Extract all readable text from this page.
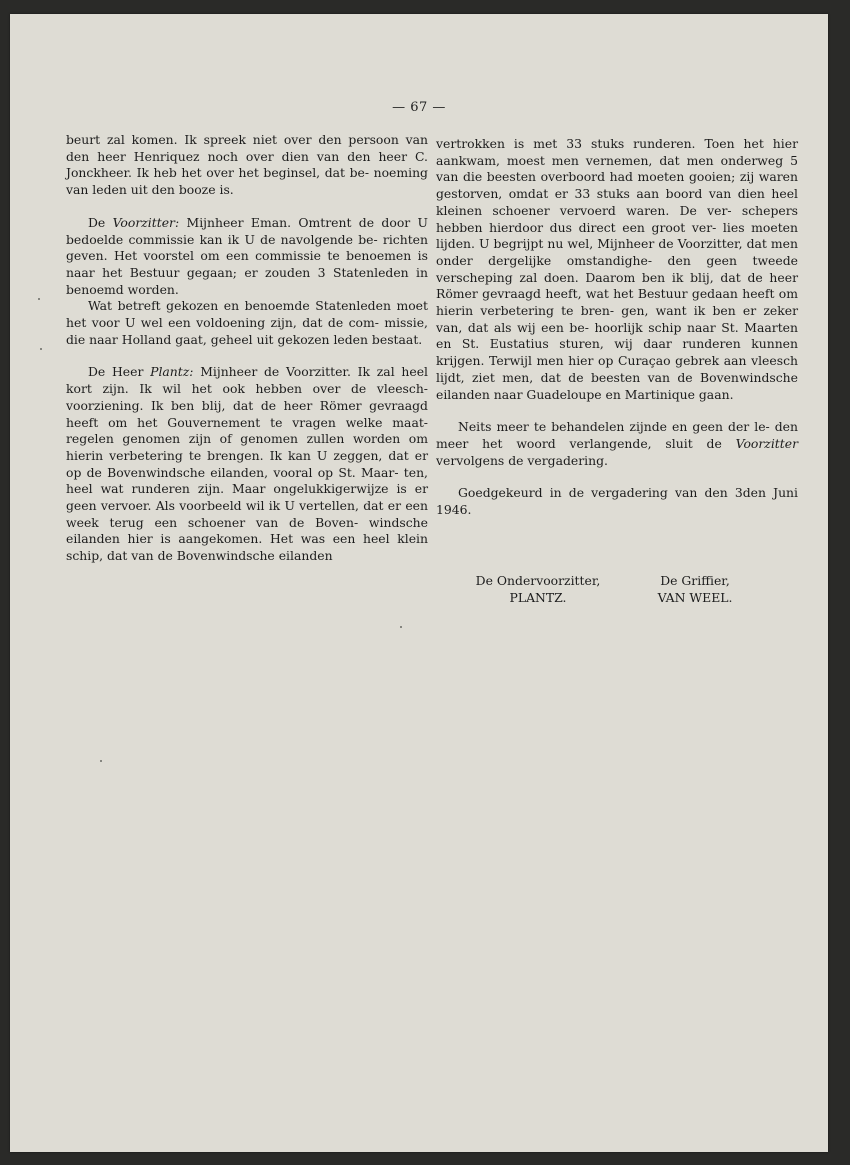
— 67 —

beurt zal komen. Ik spreek niet over den persoon van den heer Henriquez noch over dien van den heer C. Jonckheer. Ik heb het over het beginsel, dat be- noeming van leden uit den booze is.

De Voorzitter: Mijnheer Eman. Omtrent de door U bedoelde commissie kan ik U de navolgende be- richten geven. Het voorstel om een commissie te benoemen is naar het Bestuur gegaan; er zouden 3 Statenleden in benoemd worden.

Wat betreft gekozen en benoemde Statenleden moet het voor U wel een voldoening zijn, dat de com- missie, die naar Holland gaat, geheel uit gekozen leden bestaat.

De Heer Plantz: Mijnheer de Voorzitter. Ik zal heel kort zijn. Ik wil het ook hebben over de vleesch- voorziening. Ik ben blij, dat de heer Römer gevraagd heeft om het Gouvernement te vragen welke maat- regelen genomen zijn of genomen zullen worden om hierin verbetering te brengen. Ik kan U zeggen, dat er op de Bovenwindsche eilanden, vooral op St. Maar- ten, heel wat runderen zijn. Maar ongelukkigerwijze is er geen vervoer. Als voorbeeld wil ik U vertellen, dat er een week terug een schoener van de Boven- windsche eilanden hier is aangekomen. Het was een heel klein schip, dat van de Bovenwindsche eilanden

vertrokken is met 33 stuks runderen. Toen het hier aankwam, moest men vernemen, dat men onderweg 5 van die beesten overboord had moeten gooien; zij waren gestorven, omdat er 33 stuks aan boord van dien heel kleinen schoener vervoerd waren. De ver- schepers hebben hierdoor dus direct een groot ver- lies moeten lijden. U begrijpt nu wel, Mijnheer de Voorzitter, dat men onder dergelijke omstandighe- den geen tweede verscheping zal doen. Daarom ben ik blij, dat de heer Römer gevraagd heeft, wat het Bestuur gedaan heeft om hierin verbetering te bren- gen, want ik ben er zeker van, dat als wij een be- hoorlijk schip naar St. Maarten en St. Eustatius sturen, wij daar runderen kunnen krijgen. Terwijl men hier op Curaçao gebrek aan vleesch lijdt, ziet men, dat de beesten van de Bovenwindsche eilanden naar Guadeloupe en Martinique gaan.

Neits meer te behandelen zijnde en geen der le- den meer het woord verlangende, sluit de Voorzitter vervolgens de vergadering.

Goedgekeurd in de vergadering van den 3den Juni 1946.

De Ondervoorzitter,
PLANTZ.
De Griffier,
VAN WEEL.
